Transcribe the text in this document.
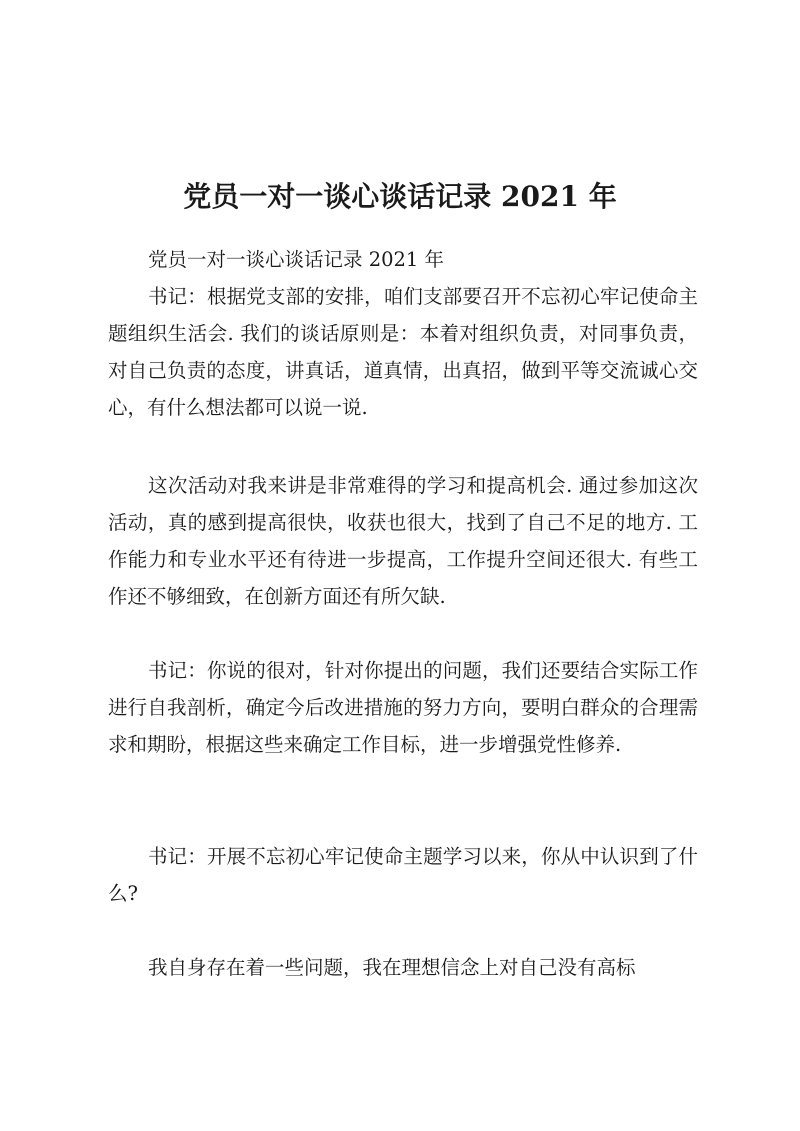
党员一对一谈心谈话记录 2021 年

党员一对一谈心谈话记录 2021 年

书记：根据党支部的安排，咱们支部要召开不忘初心牢记使命主题组织生活会. 我们的谈话原则是：本着对组织负责，对同事负责，对自己负责的态度，讲真话，道真情，出真招，做到平等交流诚心交心，有什么想法都可以说一说.

这次活动对我来讲是非常难得的学习和提高机会. 通过参加这次活动，真的感到提高很快，收获也很大，找到了自己不足的地方. 工作能力和专业水平还有待进一步提高，工作提升空间还很大. 有些工作还不够细致，在创新方面还有所欠缺.

书记：你说的很对，针对你提出的问题，我们还要结合实际工作进行自我剖析，确定今后改进措施的努力方向，要明白群众的合理需求和期盼，根据这些来确定工作目标，进一步增强党性修养.

书记：开展不忘初心牢记使命主题学习以来，你从中认识到了什么?

我自身存在着一些问题，我在理想信念上对自己没有高标
